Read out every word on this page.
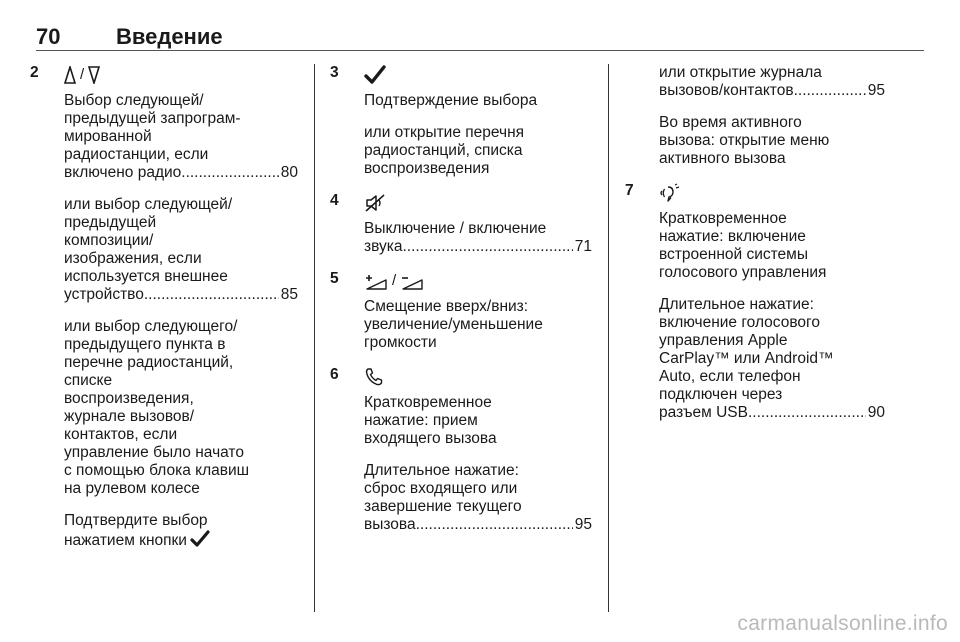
70	Введение
2	/
Выбор следующей/
предыдущей запрограм-
мированной
радиостанции, если
включено радио .....	80
или выбор следующей/
предыдущей
композиции/
изображения, если
используется внешнее
устройство .....	85
или выбор следующего/
предыдущего пункта в
перечне радиостанций,
списке
воспроизведения,
журнале вызовов/
контактов, если
управление было начато
с помощью блока клавиш
на рулевом колесе
Подтвердите выбор
нажатием кнопки
3
Подтверждение выбора
или открытие перечня
радиостанций, списка
воспроизведения
4
Выключение / включение
звука .....	71
5	/
Смещение вверх/вниз:
увеличение/уменьшение
громкости
6
Кратковременное
нажатие: прием
входящего вызова
Длительное нажатие:
сброс входящего или
завершение текущего
вызова .....	95
или открытие журнала
вызовов/контактов .....	95
Во время активного
вызова: открытие меню
активного вызова
7
Кратковременное
нажатие: включение
встроенной системы
голосового управления
Длительное нажатие:
включение голосового
управления Apple
CarPlay™ или Android™
Auto, если телефон
подключен через
разъем USB .....	90
carmanualsonline.info
